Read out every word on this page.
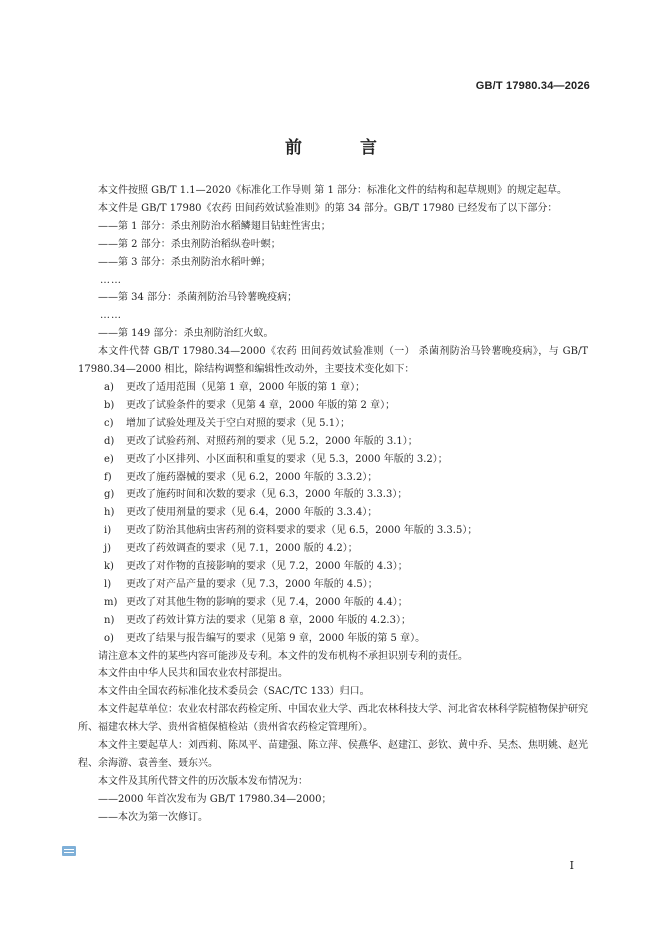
GB/T 17980.34—2026
前 言

本文件按照 GB/T 1.1—2020《标准化工作导则 第 1 部分：标准化文件的结构和起草规则》的规定起草。

本文件是 GB/T 17980《农药 田间药效试验准则》的第 34 部分。GB/T 17980 已经发布了以下部分：

——第 1 部分：杀虫剂防治水稻鳞翅目钻蛀性害虫；

——第 2 部分：杀虫剂防治稻纵卷叶螟；

——第 3 部分：杀虫剂防治水稻叶蝉；

……

——第 34 部分：杀菌剂防治马铃薯晚疫病；

……

——第 149 部分：杀虫剂防治红火蚁。

本文件代替 GB/T 17980.34—2000《农药 田间药效试验准则（一） 杀菌剂防治马铃薯晚疫病》，与 GB/T 17980.34—2000 相比，除结构调整和编辑性改动外，主要技术变化如下：

a)	更改了适用范围（见第 1 章，2000 年版的第 1 章）；

b)	更改了试验条件的要求（见第 4 章，2000 年版的第 2 章）；

c)	增加了试验处理及关于空白对照的要求（见 5.1）；

d)	更改了试验药剂、对照药剂的要求（见 5.2，2000 年版的 3.1）；

e)	更改了小区排列、小区面积和重复的要求（见 5.3，2000 年版的 3.2）；

f)	更改了施药器械的要求（见 6.2，2000 年版的 3.3.2）；

g)	更改了施药时间和次数的要求（见 6.3，2000 年版的 3.3.3）；

h)	更改了使用剂量的要求（见 6.4，2000 年版的 3.3.4）；

i)	更改了防治其他病虫害药剂的资料要求的要求（见 6.5，2000 年版的 3.3.5）；

j)	更改了药效调查的要求（见 7.1，2000 版的 4.2）；

k)	更改了对作物的直接影响的要求（见 7.2，2000 年版的 4.3）；

l)	更改了对产品产量的要求（见 7.3，2000 年版的 4.5）；

m) 更改了对其他生物的影响的要求（见 7.4，2000 年版的 4.4）；

n)	更改了药效计算方法的要求（见第 8 章，2000 年版的 4.2.3）；

o)	更改了结果与报告编写的要求（见第 9 章，2000 年版的第 5 章）。

请注意本文件的某些内容可能涉及专利。本文件的发布机构不承担识别专利的责任。

本文件由中华人民共和国农业农村部提出。

本文件由全国农药标准化技术委员会（SAC/TC 133）归口。

本文件起草单位：农业农村部农药检定所、中国农业大学、西北农林科技大学、河北省农林科学院植物保护研究所、福建农林大学、贵州省植保植检站（贵州省农药检定管理所）。

本文件主要起草人：刘西莉、陈凤平、苗建强、陈立萍、侯燕华、赵建江、彭钦、黄中乔、吴杰、焦明姚、赵光程、余海游、袁善奎、聂东兴。

本文件及其所代替文件的历次版本发布情况为：

——2000 年首次发布为 GB/T 17980.34—2000；

——本次为第一次修订。

I
